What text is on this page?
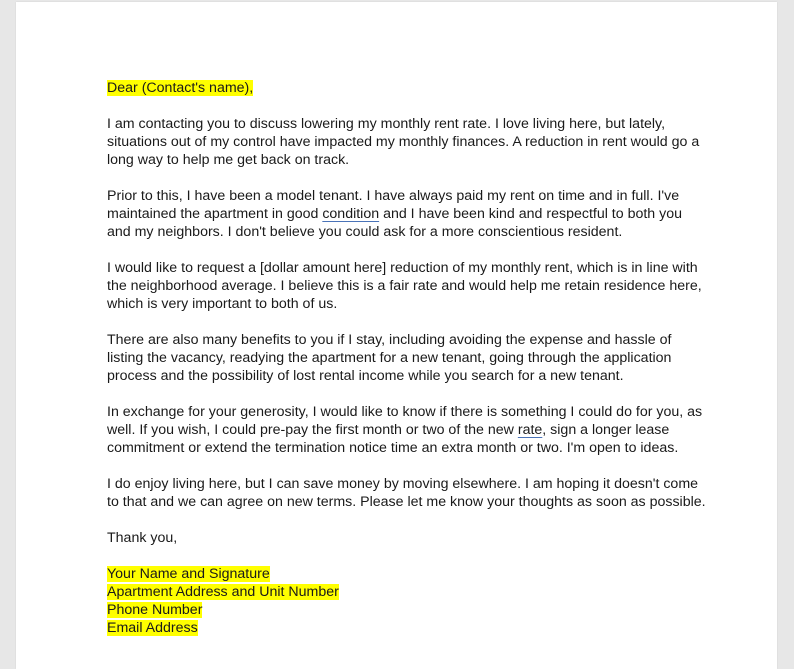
Dear (Contact's name),

I am contacting you to discuss lowering my monthly rent rate. I love living here, but lately, situations out of my control have impacted my monthly finances. A reduction in rent would go a long way to help me get back on track.

Prior to this, I have been a model tenant. I have always paid my rent on time and in full. I've maintained the apartment in good condition and I have been kind and respectful to both you and my neighbors. I don't believe you could ask for a more conscientious resident.

I would like to request a [dollar amount here] reduction of my monthly rent, which is in line with the neighborhood average. I believe this is a fair rate and would help me retain residence here, which is very important to both of us.

There are also many benefits to you if I stay, including avoiding the expense and hassle of listing the vacancy, readying the apartment for a new tenant, going through the application process and the possibility of lost rental income while you search for a new tenant.

In exchange for your generosity, I would like to know if there is something I could do for you, as well. If you wish, I could pre-pay the first month or two of the new rate, sign a longer lease commitment or extend the termination notice time an extra month or two. I'm open to ideas.

I do enjoy living here, but I can save money by moving elsewhere. I am hoping it doesn't come to that and we can agree on new terms. Please let me know your thoughts as soon as possible.

Thank you,

Your Name and Signature
Apartment Address and Unit Number
Phone Number
Email Address
